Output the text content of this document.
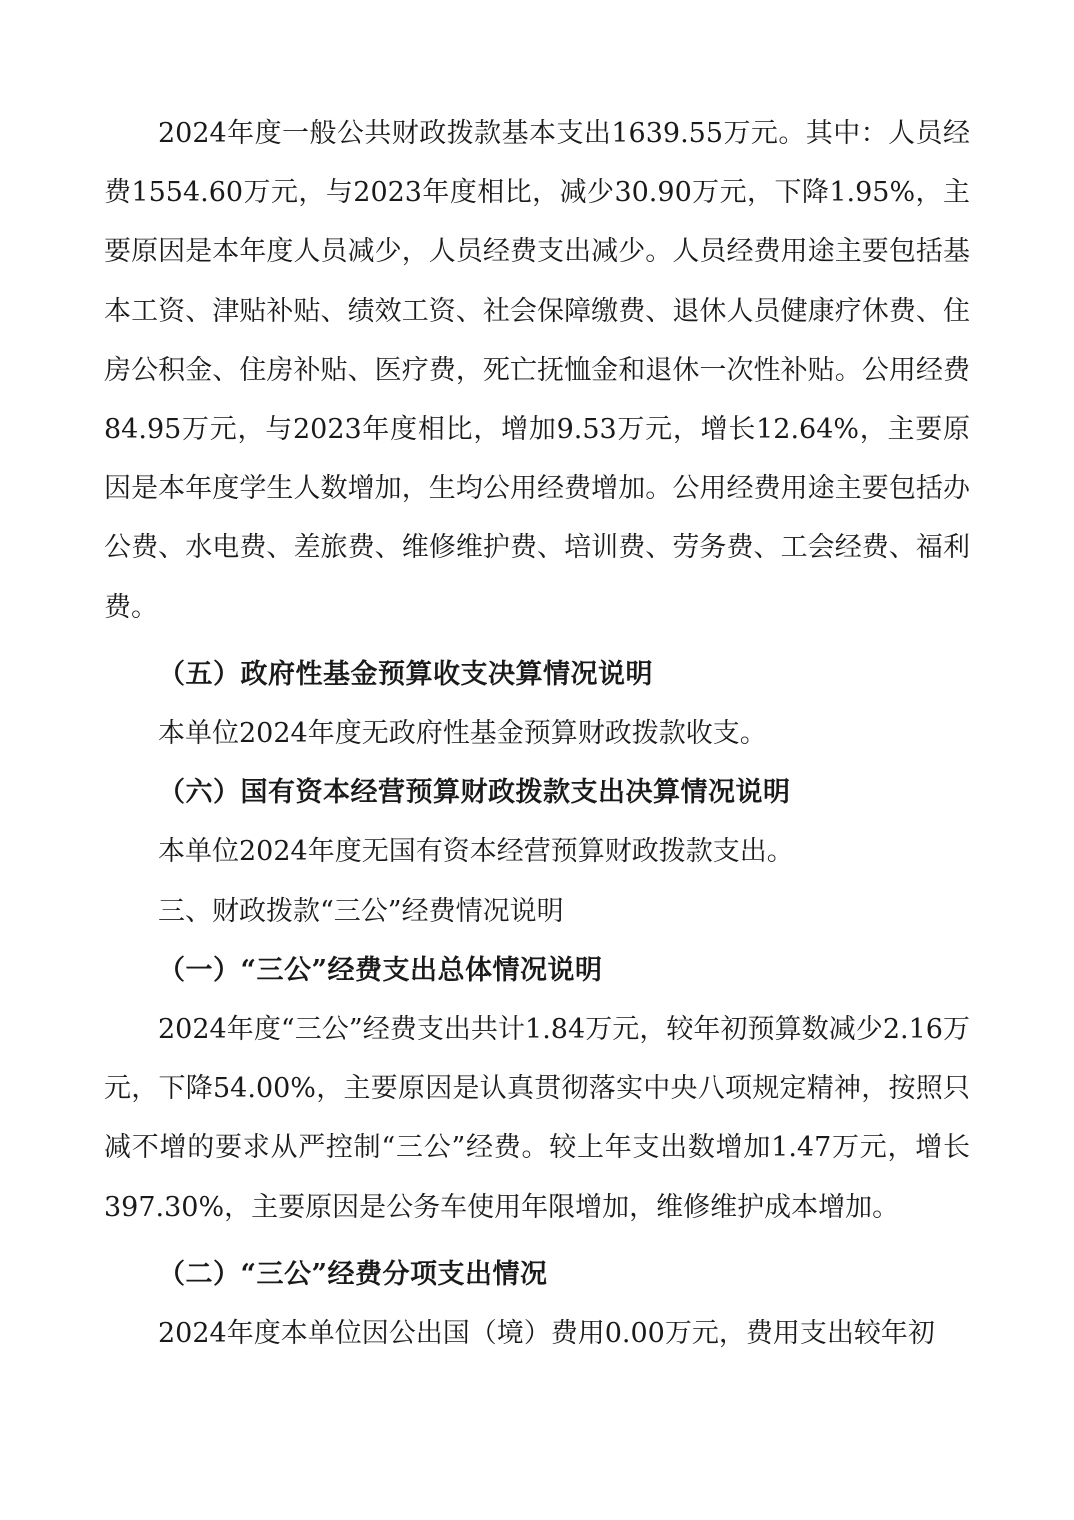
2024年度一般公共财政拨款基本支出1639.55万元。其中：人员经费1554.60万元，与2023年度相比，减少30.90万元，下降1.95%，主要原因是本年度人员减少，人员经费支出减少。人员经费用途主要包括基本工资、津贴补贴、绩效工资、社会保障缴费、退休人员健康疗休费、住房公积金、住房补贴、医疗费，死亡抚恤金和退休一次性补贴。公用经费84.95万元，与2023年度相比，增加9.53万元，增长12.64%，主要原因是本年度学生人数增加，生均公用经费增加。公用经费用途主要包括办公费、水电费、差旅费、维修维护费、培训费、劳务费、工会经费、福利费。

（五）政府性基金预算收支决算情况说明

本单位2024年度无政府性基金预算财政拨款收支。

（六）国有资本经营预算财政拨款支出决算情况说明

本单位2024年度无国有资本经营预算财政拨款支出。

三、财政拨款“三公”经费情况说明

（一）“三公”经费支出总体情况说明

2024年度“三公”经费支出共计1.84万元，较年初预算数减少2.16万元，下降54.00%，主要原因是认真贯彻落实中央八项规定精神，按照只减不增的要求从严控制“三公”经费。较上年支出数增加1.47万元，增长397.30%，主要原因是公务车使用年限增加，维修维护成本增加。

（二）“三公”经费分项支出情况

2024年度本单位因公出国（境）费用0.00万元，费用支出较年初
